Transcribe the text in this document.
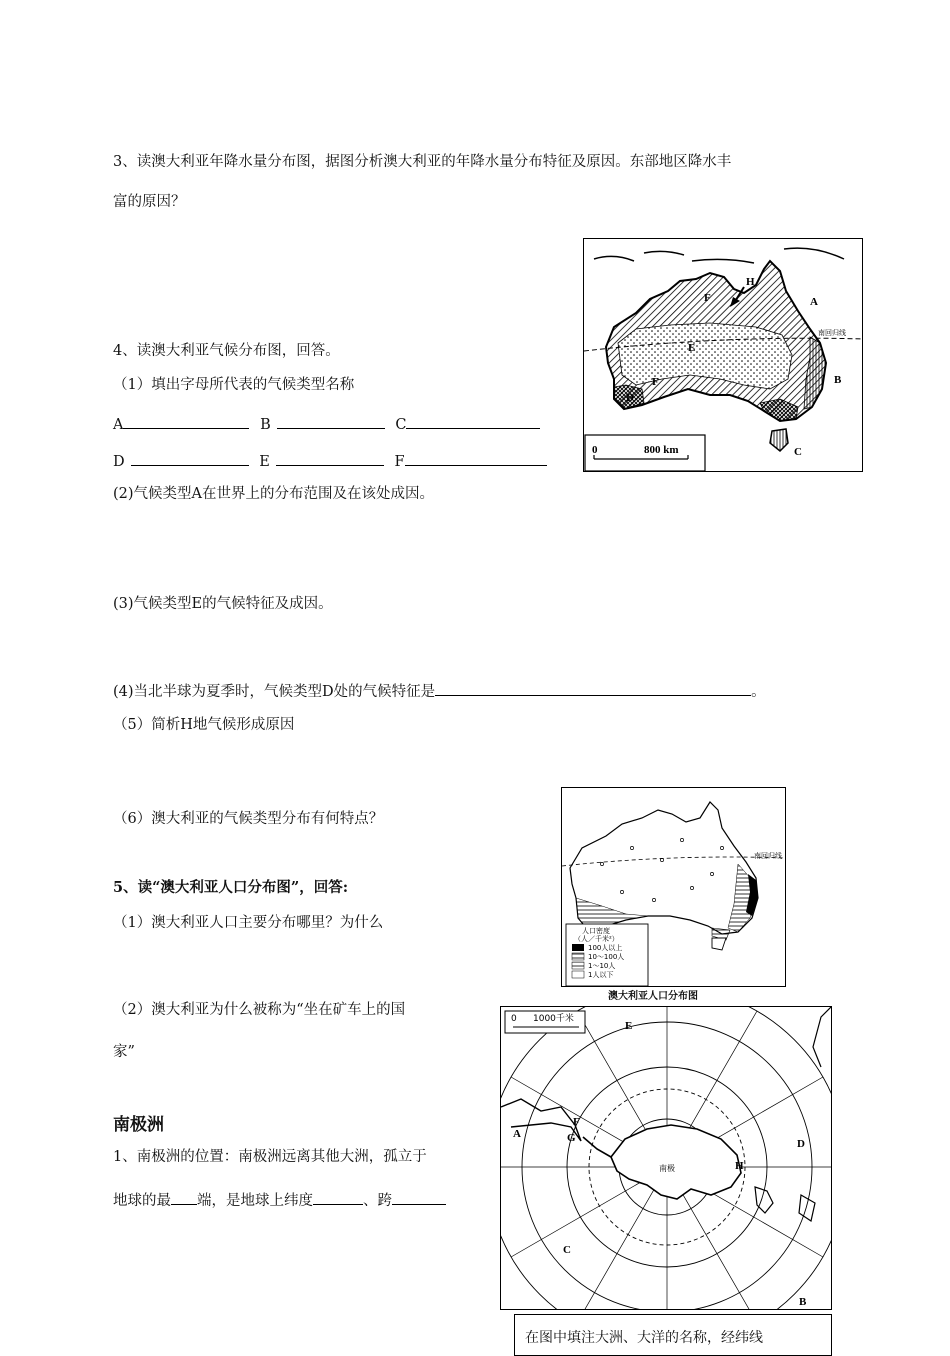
3、读澳大利亚年降水量分布图，据图分析澳大利亚的年降水量分布特征及原因。东部地区降水丰
富的原因？
H
F	A
E
F
D
B
C
南回归线
0	800 km
4、读澳大利亚气候分布图，回答。
（1）填出字母所代表的气候类型名称
A	B	C
D	E	F
(2)气候类型A在世界上的分布范围及在该处成因。
(3)气候类型E的气候特征及成因。
(4)当北半球为夏季时，气候类型D处的气候特征是	。
（5）简析H地气候形成原因
（6）澳大利亚的气候类型分布有何特点？
南回归线
人口密度
（人／千米²）
100人以上
10～100人
1～10人
1人以下
澳大利亚人口分布图
5、读“澳大利亚人口分布图”，回答:
（1）澳大利亚人口主要分布哪里？为什么
（2）澳大利亚为什么被称为“坐在矿车上的国
家”
南极洲
1、南极洲的位置：南极洲远离其他大洲，孤立于
地球的最 端，是地球上纬度	、跨
0 1000千米
E
F
G
A
D
H
C
B
南极
在图中填注大洲、大洋的名称，经纬线
